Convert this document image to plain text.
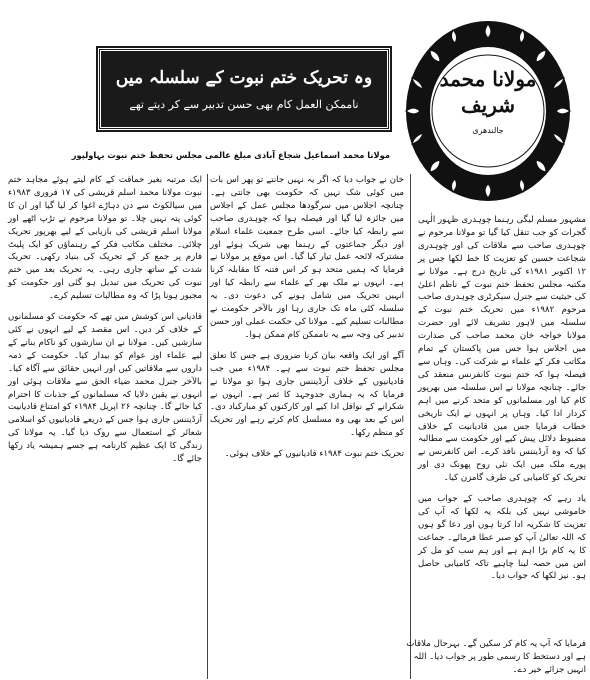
مولانا محمد شریف
جالندھری
وہ تحریک ختم نبوت کے سلسلہ میں
ناممکن العمل کام بھی حسن تدبیر سے کر دیتے تھے
مولانا محمد اسماعیل شجاع آبادی مبلغ عالمی مجلس تحفظ ختم نبوت بہاولپور

مشہور مسلم لیگی رہنما چوہدری ظہور الٰہی گجرات کو جب تنقل کیا گیا تو مولانا مرحوم نے چوہدری صاحب سے ملاقات کی اور چوہدری شجاعت حسین کو تعزیت کا خط لکھا جس پر ۱۲ اکتوبر ۱۹۸۱ء کی تاریخ درج ہے۔ مولانا نے مکتبہ مجلس تحفظ ختم نبوت کے ناظم اعلیٰ کی حیثیت سے جنرل سیکرٹری چوہدری صاحب مرحوم ۱۹۸۲ء میں تحریک ختم نبوت کے سلسلہ میں لاہور تشریف لائے اور حضرت مولانا خواجہ خان محمد صاحب کی صدارت میں اجلاس ہوا جس میں پاکستان کے تمام مکاتب فکر کے علماء نے شرکت کی۔ وہاں سے فیصلہ ہوا کہ ختم نبوت کانفرنس منعقد کی جائے۔ چنانچہ مولانا نے اس سلسلہ میں بھرپور کام کیا اور مسلمانوں کو متحد کرنے میں اہم کردار ادا کیا۔ وہاں پر انہوں نے ایک تاریخی خطاب فرمایا جس میں قادیانیت کے خلاف مضبوط دلائل پیش کیے اور حکومت سے مطالبہ کیا کہ وہ آرڈیننس نافذ کرے۔ اس کانفرنس نے پورے ملک میں ایک نئی روح پھونک دی اور تحریک کو کامیابی کی طرف گامزن کیا۔

یاد رہے کہ چوہدری صاحب کے جواب میں خاموشی نہیں کی بلکہ یہ لکھا کہ آپ کی تعزیت کا شکریہ ادا کرتا ہوں اور دعا گو ہوں کہ اللہ تعالیٰ آپ کو صبر عطا فرمائے۔ جماعت کا یہ کام بڑا اہم ہے اور ہم سب کو مل کر اس میں حصہ لینا چاہیے تاکہ کامیابی حاصل ہو۔ نیز لکھا کہ جواب دیا۔

فرمایا کہ آپ یہ کام کر سکیں گے۔ بہرحال ملاقات ہے اور دستخط کا رسمی طور پر جواب دیا۔ اللہ انہیں جزائے خیر دے۔

خان نے جواب دیا کہ اگر یہ نہیں جانتے تو پھر اس بات میں کوئی شک نہیں کہ حکومت بھی جانتی ہے۔ چنانچہ اجلاس میں سرگودھا مجلس عمل کے اجلاس میں جائزہ لیا گیا اور فیصلہ ہوا کہ چوہدری صاحب سے رابطہ کیا جائے۔ اسی طرح جمعیت علماء اسلام اور دیگر جماعتوں کے رہنما بھی شریک ہوئے اور مشترکہ لائحہ عمل تیار کیا گیا۔ اس موقع پر مولانا نے فرمایا کہ ہمیں متحد ہو کر اس فتنہ کا مقابلہ کرنا ہے۔ انہوں نے ملک بھر کے علماء سے رابطہ کیا اور انہیں تحریک میں شامل ہونے کی دعوت دی۔ یہ سلسلہ کئی ماہ تک جاری رہا اور بالآخر حکومت نے مطالبات تسلیم کیے۔ مولانا کی حکمت عملی اور حسن تدبیر کی وجہ سے یہ ناممکن کام ممکن ہوا۔

آگے اور ایک واقعہ بیان کرنا ضروری ہے جس کا تعلق مجلس تحفظ ختم نبوت سے ہے۔ ۱۹۸۴ء میں جب قادیانیوں کے خلاف آرڈیننس جاری ہوا تو مولانا نے فرمایا کہ یہ ہماری جدوجہد کا ثمر ہے۔ انہوں نے شکرانے کے نوافل ادا کیے اور کارکنوں کو مبارکباد دی۔ اس کے بعد بھی وہ مسلسل کام کرتے رہے اور تحریک کو منظم رکھا۔

تحریک ختم نبوت ۱۹۸۴ء قادیانیوں کے خلاف ہوئی۔

ایک مرتبہ بغیر حماقت کے کام لیتے ہوئے مجاہد ختم نبوت مولانا محمد اسلم قریشی کی ۱۷ فروری ۱۹۸۳ء میں سیالکوٹ سے دن دہاڑے اغوا کر لیا گیا اور ان کا کوئی پتہ نہیں چلا۔ تو مولانا مرحوم نے تڑپ اٹھے اور مولانا اسلم قریشی کی بازیابی کے لیے بھرپور تحریک چلائی۔ مختلف مکاتب فکر کے رہنماؤں کو ایک پلیٹ فارم پر جمع کر کے تحریک کی بنیاد رکھی۔ تحریک شدت کے ساتھ جاری رہی۔ یہ تحریک بعد میں ختم نبوت کی تحریک میں تبدیل ہو گئی اور حکومت کو مجبور ہونا پڑا کہ وہ مطالبات تسلیم کرے۔

قادیانی اس کوشش میں تھے کہ حکومت کو مسلمانوں کے خلاف کر دیں۔ اس مقصد کے لیے انہوں نے کئی سازشیں کیں۔ مولانا نے ان سازشوں کو ناکام بنانے کے لیے علماء اور عوام کو بیدار کیا۔ حکومت کے ذمہ داروں سے ملاقاتیں کیں اور انہیں حقائق سے آگاہ کیا۔ بالآخر جنرل محمد ضیاء الحق سے ملاقات ہوئی اور انہوں نے یقین دلایا کہ مسلمانوں کے جذبات کا احترام کیا جائے گا۔ چنانچہ ۲۶ اپریل ۱۹۸۴ء کو امتناع قادیانیت آرڈیننس جاری ہوا جس کے ذریعے قادیانیوں کو اسلامی شعائر کے استعمال سے روک دیا گیا۔ یہ مولانا کی زندگی کا ایک عظیم کارنامہ ہے جسے ہمیشہ یاد رکھا جائے گا۔
